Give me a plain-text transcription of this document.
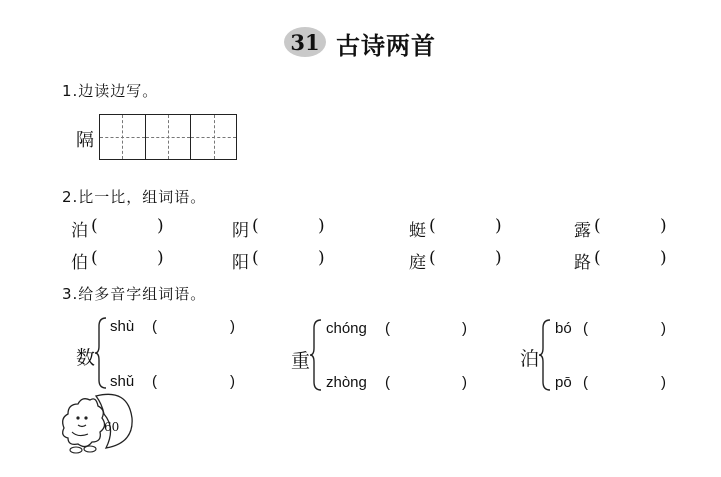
31 古诗两首
1.边读边写。
隔
2.比一比，组词语。
泊 (	)	阴 (	)	蜓 (	)	露 (	)
伯 (	)	阳 (	)	庭 (	)	路 (	)
3.给多音字组词语。
数
shù (	)
shǔ (	)
重
chóng (	)
zhòng (	)
泊
bó (	)
pō (	)
60
